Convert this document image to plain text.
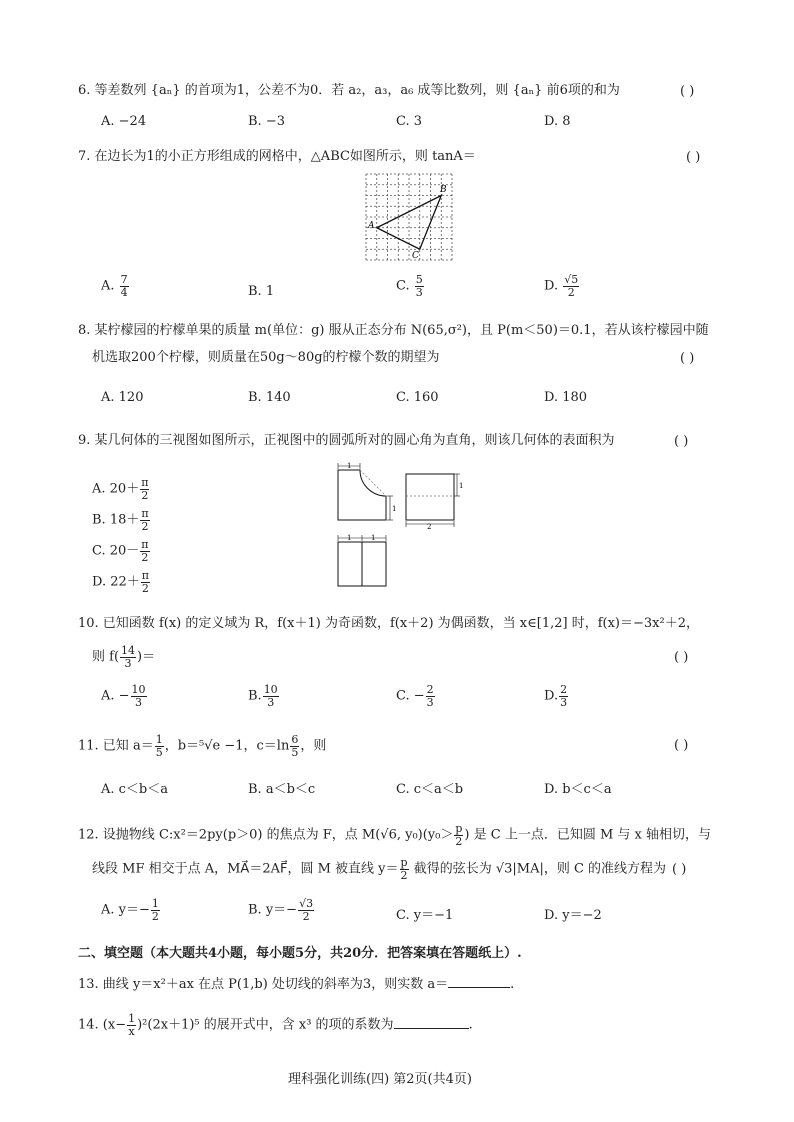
6. 等差数列 {aₙ} 的首项为1，公差不为0．若 a₂，a₃，a₆ 成等比数列，则 {aₙ} 前6项的和为	( )
A. −24	B. −3	C. 3	D. 8
7. 在边长为1的小正方形组成的网格中，△ABC如图所示，则 tanA＝	( )
A
B
C
A. $\frac{7}{4}$	B. 1	C. $\frac{5}{3}$	D. $\frac{√5}{2}$
8. 某柠檬园的柠檬单果的质量 m(单位：g) 服从正态分布 N(65,σ²)，且 P(m＜50)＝0.1，若从该柠檬园中随
机选取200个柠檬，则质量在50g～80g的柠檬个数的期望为	( )
A. 120	B. 140	C. 160	D. 180
9. 某几何体的三视图如图所示，正视图中的圆弧所对的圆心角为直角，则该几何体的表面积为	( )
A. $20+ \frac{\pi}{2}$
B. $18+ \frac{\pi}{2}$
C. $20- \frac{\pi}{2}$
D. $22+ \frac{\pi}{2}$
1
1
1
2
1	1
10. 已知函数 f(x) 的定义域为 R，f(x＋1) 为奇函数，f(x＋2) 为偶函数，当 x∈[1,2] 时，f(x)＝−3x²＋2，
则 $f( \frac{14}{3}$ )＝	( )
A. − $\frac{10}{3}$	B. $\frac{10}{3}$	C. − $\frac{2}{3}$	D. $\frac{2}{3}$
11. 已知 $a= \frac{1}{5}$ ，b＝⁵√e −1，$c=\ln \frac{6}{5}$ ，则	( )
A. c＜b＜a	B. a＜b＜c	C. c＜a＜b	D. b＜c＜a
12. 设抛物线 C:x²＝2py(p＞0) 的焦点为 F，点 M(√6, $y_0)(y_0> \frac{p}{2}$ ) 是 C 上一点．已知圆 M 与 x 轴相切，与
线段 MF 相交于点 A，MA⃗＝2AF⃗，圆 M 被直线 $y= \frac{p}{2}$ 截得的弦长为 √3|MA|，则 C 的准线方程为 ( )
A. $y=- \frac{1}{2}$	B. $y=- \frac{√3}{2}$	C. y＝−1	D. y＝−2
二、填空题（本大题共4小题，每小题5分，共20分．把答案填在答题纸上）.
13. 曲线 y＝x²＋ax 在点 P(1,b) 处切线的斜率为3，则实数 a＝	.
14. $(x- \frac{1}{x} )^2(2x+1)^5$ 的展开式中，含 x³ 的项的系数为	.
理科强化训练(四) 第2页(共4页)
